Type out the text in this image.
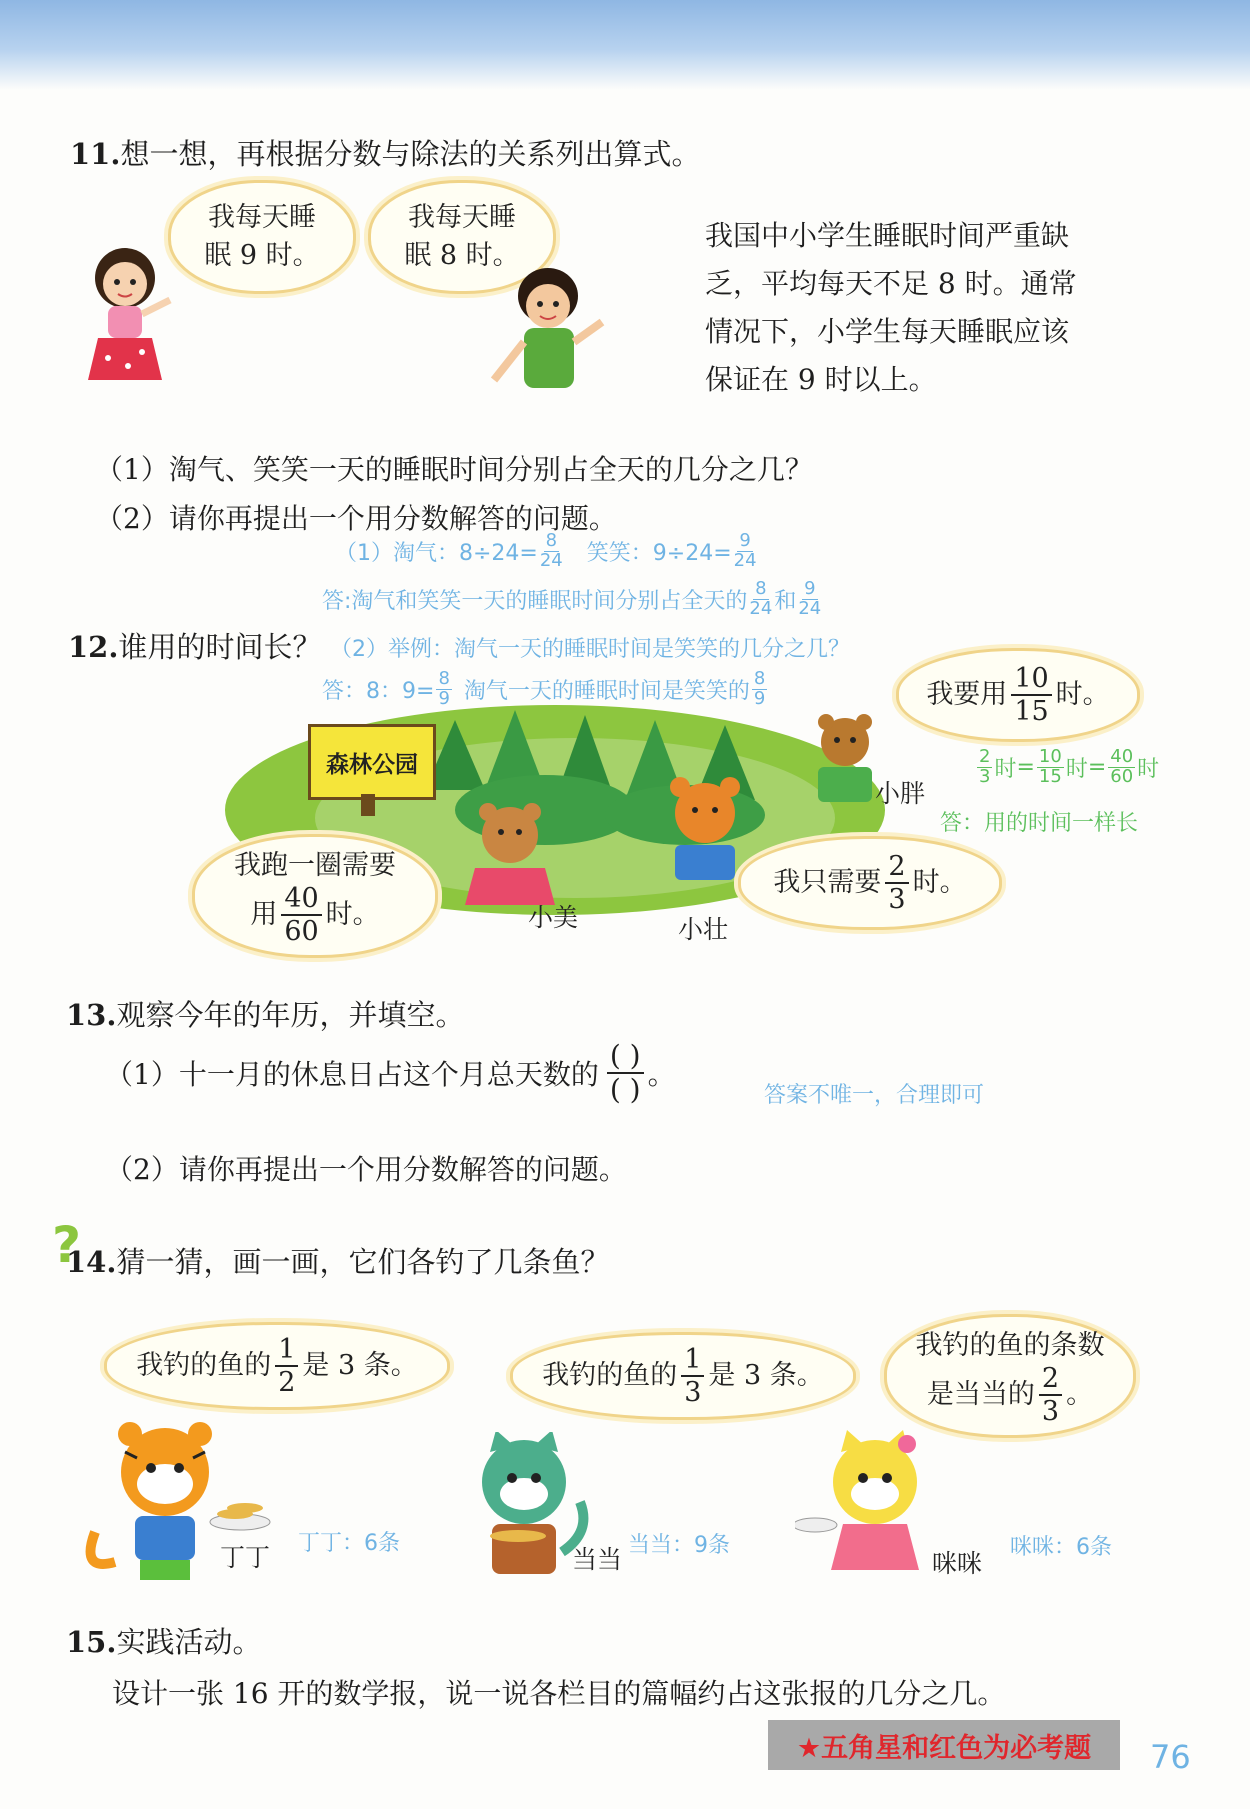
11.想一想，再根据分数与除法的关系列出算式。
我每天睡
眠 9 时。
我每天睡
眠 8 时。
我国中小学生睡眠时间严重缺
乏，平均每天不足 8 时。通常
情况下，小学生每天睡眠应该
保证在 9 时以上。
（1）淘气、笑笑一天的睡眠时间分别占全天的几分之几？
（2）请你再提出一个用分数解答的问题。
（1）淘气：$8\div 24= \frac{8}{24}$ 笑笑：$9\div 24= \frac{9}{24}$
答:淘气和笑笑一天的睡眠时间分别占全天的 $\frac{8}{24}$ 和 $\frac{9}{24}$
12.谁用的时间长？ （2）举例：淘气一天的睡眠时间是笑笑的几分之几？
答：8：$9= \frac{8}{9}$ 淘气一天的睡眠时间是笑笑的 $\frac{8}{9}$
森林公园
我跑一圈需要
用 $\frac{40}{60}$ 时。
我只需要 $\frac{2}{3}$ 时。
我要用 $\frac{10}{15}$ 时。
小美	小壮
小胖
$\frac{2}{3}$ 时 = $\frac{10}{15}$ 时 = $\frac{40}{60}$ 时
答：用的时间一样长
13.观察今年的年历，并填空。
（1）十一月的休息日占这个月总天数的 $\frac{( )}{( )}$ 。
答案不唯一，合理即可
（2）请你再提出一个用分数解答的问题。
?
14.猜一猜，画一画，它们各钓了几条鱼？
我钓的鱼的 $\frac{1}{2}$ 是 3 条。	我钓的鱼的 $\frac{1}{3}$ 是 3 条。
我钓的鱼的条数
是当当的 $\frac{2}{3}$ 。
丁丁 丁丁：6条
当当 当当：9条
咪咪
咪咪：6条
15.实践活动。
设计一张 16 开的数学报，说一说各栏目的篇幅约占这张报的几分之几。
★五角星和红色为必考题	76
